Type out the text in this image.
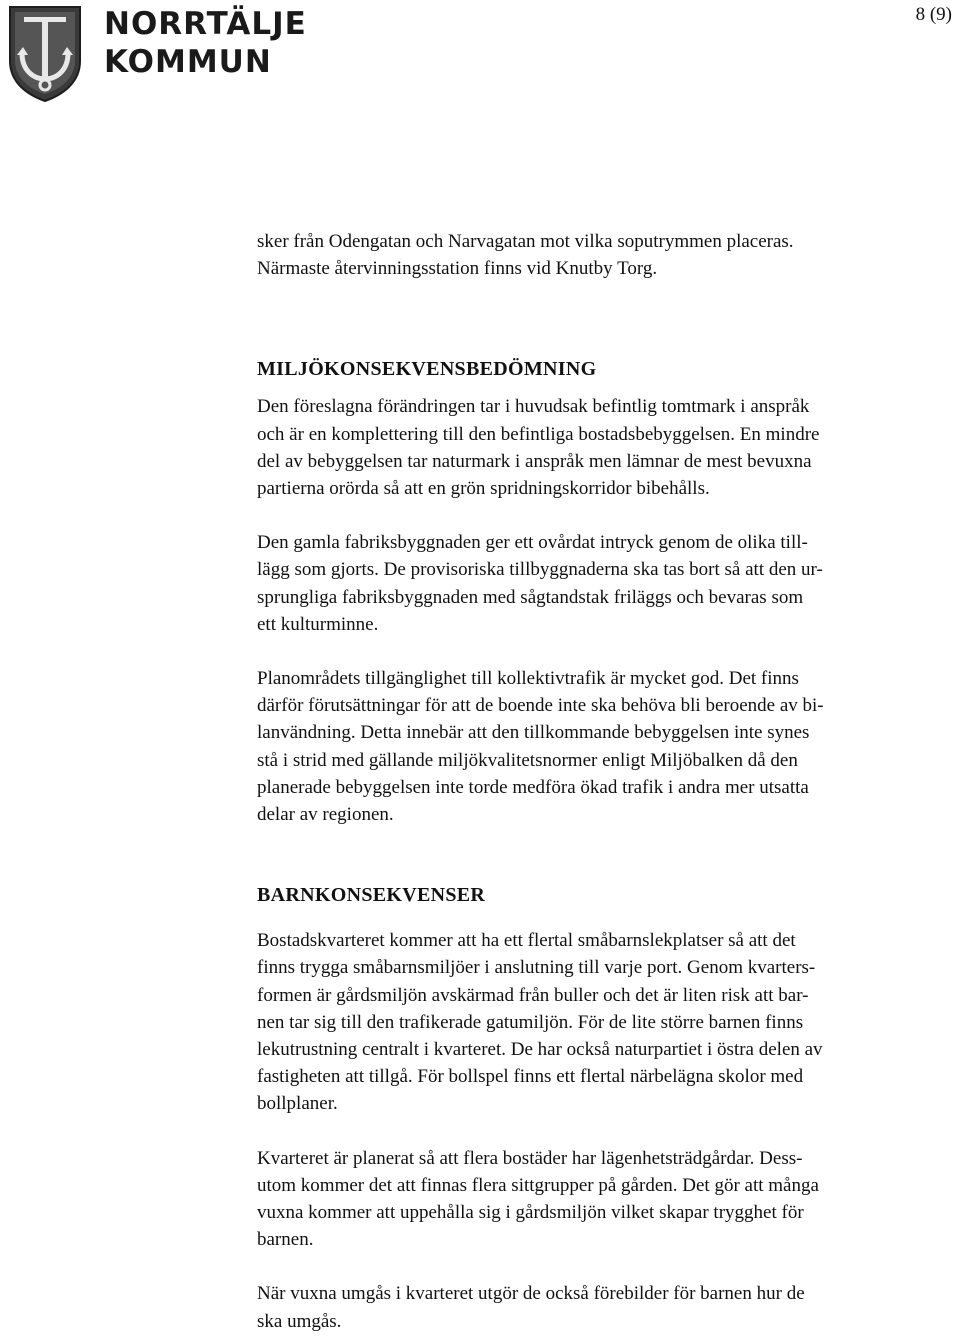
NORRTÄLJE
KOMMUN
8 (9)

sker från Odengatan och Narvagatan mot vilka soputrymmen placeras.
Närmaste återvinningsstation finns vid Knutby Torg.

MILJÖKONSEKVENSBEDÖMNING

Den föreslagna förändringen tar i huvudsak befintlig tomtmark i anspråk
och är en komplettering till den befintliga bostadsbebyggelsen. En mindre
del av bebyggelsen tar naturmark i anspråk men lämnar de mest bevuxna
partierna orörda så att en grön spridningskorridor bibehålls.

Den gamla fabriksbyggnaden ger ett ovårdat intryck genom de olika till-
lägg som gjorts. De provisoriska tillbyggnaderna ska tas bort så att den ur-
sprungliga fabriksbyggnaden med sågtandstak friläggs och bevaras som
ett kulturminne.

Planområdets tillgänglighet till kollektivtrafik är mycket god. Det finns
därför förutsättningar för att de boende inte ska behöva bli beroende av bi-
lanvändning. Detta innebär att den tillkommande bebyggelsen inte synes
stå i strid med gällande miljökvalitetsnormer enligt Miljöbalken då den
planerade bebyggelsen inte torde medföra ökad trafik i andra mer utsatta
delar av regionen.

BARNKONSEKVENSER

Bostadskvarteret kommer att ha ett flertal småbarnslekplatser så att det
finns trygga småbarnsmiljöer i anslutning till varje port. Genom kvarters-
formen är gårdsmiljön avskärmad från buller och det är liten risk att bar-
nen tar sig till den trafikerade gatumiljön. För de lite större barnen finns
lekutrustning centralt i kvarteret. De har också naturpartiet i östra delen av
fastigheten att tillgå. För bollspel finns ett flertal närbelägna skolor med
bollplaner.

Kvarteret är planerat så att flera bostäder har lägenhetsträdgårdar. Dess-
utom kommer det att finnas flera sittgrupper på gården. Det gör att många
vuxna kommer att uppehålla sig i gårdsmiljön vilket skapar trygghet för
barnen.

När vuxna umgås i kvarteret utgör de också förebilder för barnen hur de
ska umgås.
